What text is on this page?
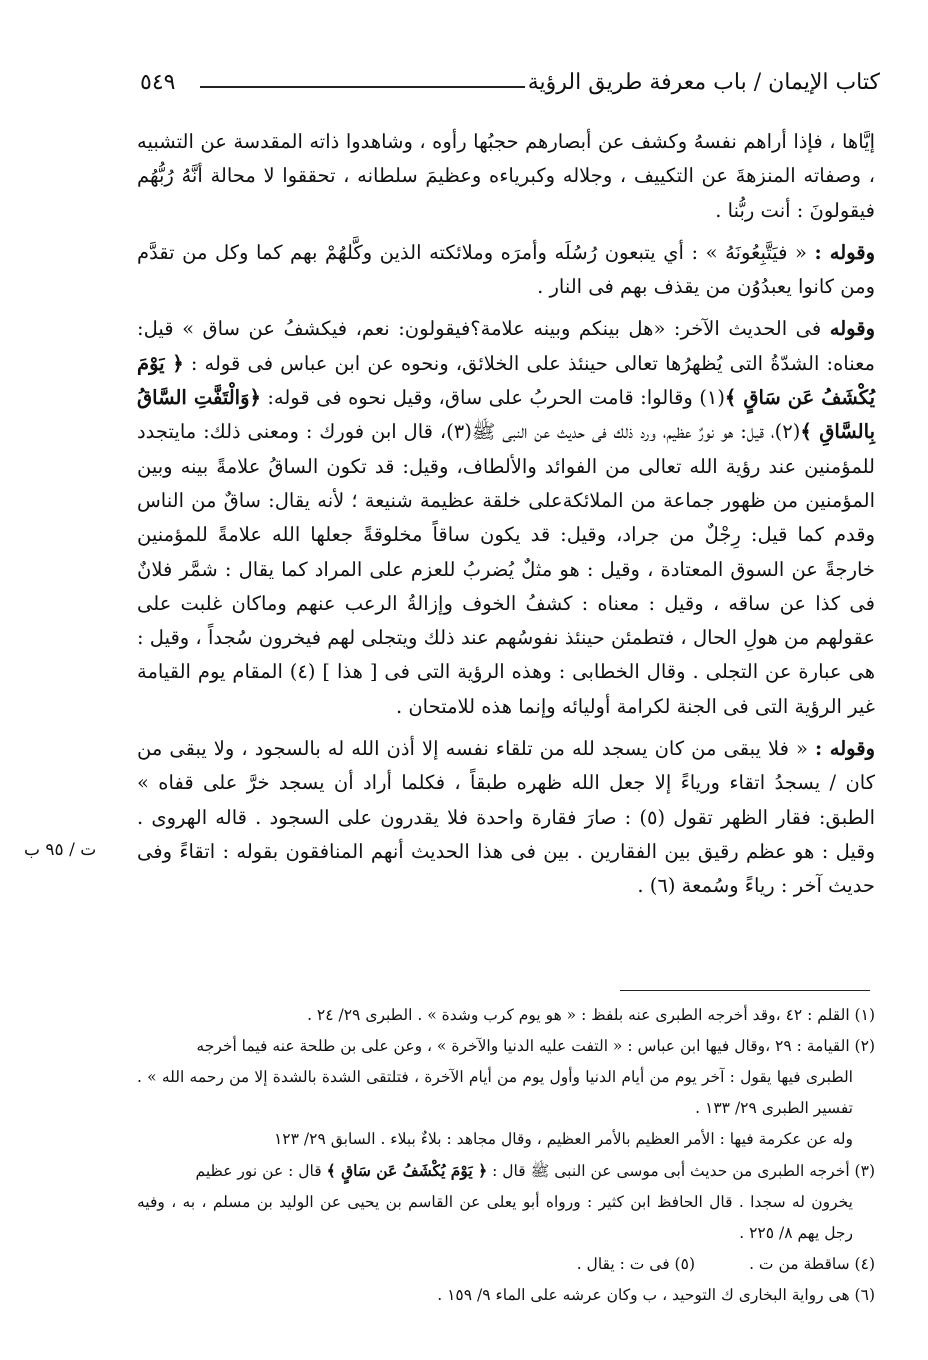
كتاب الإيمان / باب معرفة طريق الرؤية
٥٤٩
ت / ٩٥ ب

إيَّاها ، فإذا أراهم نفسهُ وكشف عن أبصارهم حجبُها رأوه ، وشاهدوا ذاته المقدسة عن التشبيه ، وصفاته المنزهةَ عن التكييف ، وجلاله وكبرياءه وعظيمَ سلطانه ، تحققوا لا محالة أنَّهُ رُبُّهُم فيقولونَ : أنت ربُّنا .

وقوله : « فيَتَّبِعُونَهُ » : أي يتبعون رُسُلَه وأمرَه وملائكته الذين وكَّلهُمْ بهم كما وكل من تقدَّم ومن كانوا يعبدُوُن من يقذف بهم فى النار .

وقوله فى الحديث الآخر: «هل بينكم وبينه علامة؟فيقولون: نعم، فيكشفُ عن ساق » قيل: معناه: الشدّةُ التى يُظهرُها تعالى حينئذ على الخلائق، ونحوه عن ابن عباس فى قوله : ﴿ يَوْمَ يُكْشَفُ عَن سَاقٍ ﴾(١) وقالوا: قامت الحربُ على ساق، وقيل نحوه فى قوله: ﴿وَالْتَفَّتِ السَّاقُ بِالسَّاقِ ﴾(٢)، قيل: هو نورٌ عظيم، ورد ذلك فى حديث عن النبى ﷺ(٣)، قال ابن فورك : ومعنى ذلك: مايتجدد للمؤمنين عند رؤية الله تعالى من الفوائد والألطاف، وقيل: قد تكون الساقُ علامةً بينه وبين المؤمنين من ظهور جماعة من الملائكةعلى خلقة عظيمة شنيعة ؛ لأنه يقال: ساقٌ من الناس وقدم كما قيل: رِجْلٌ من جراد، وقيل: قد يكون ساقاً مخلوقةً جعلها الله علامةً للمؤمنين خارجةً عن السوق المعتادة ، وقيل : هو مثلٌ يُضربُ للعزم على المراد كما يقال : شمَّر فلانٌ فى كذا عن ساقه ، وقيل : معناه : كشفُ الخوف وإزالةُ الرعب عنهم وماكان غلبت على عقولهم من هولِ الحال ، فتطمئن حينئذ نفوسُهم عند ذلك ويتجلى لهم فيخرون سُجداً ، وقيل : هى عبارة عن التجلى . وقال الخطابى : وهذه الرؤية التى فى [ هذا ] (٤) المقام يوم القيامة غير الرؤية التى فى الجنة لكرامة أوليائه وإنما هذه للامتحان .

وقوله : « فلا يبقى من كان يسجد لله من تلقاء نفسه إلا أذن الله له بالسجود ، ولا يبقى من كان / يسجدُ اتقاء ورياءً إلا جعل الله ظهره طبقاً ، فكلما أراد أن يسجد خرَّ على قفاه » الطبق: فقار الظهر تقول (٥) : صارَ فقارة واحدة فلا يقدرون على السجود . قاله الهروى . وقيل : هو عظم رقيق بين الفقارين . بين فى هذا الحديث أنهم المنافقون بقوله : اتقاءً وفى حديث آخر : رياءً وسُمعة (٦) .

(١) القلم : ٤٢ ،وقد أخرجه الطبرى عنه بلفظ : « هو يوم كرب وشدة » . الطبرى ٢٩/ ٢٤ .

(٢) القيامة : ٢٩ ،وقال فيها ابن عباس : « التفت عليه الدنيا والآخرة » ، وعن على بن طلحة عنه فيما أخرجه
الطبرى فيها يقول : آخر يوم من أيام الدنيا وأول يوم من أيام الآخرة ، فتلتقى الشدة بالشدة إلا من رحمه الله » . تفسير الطبرى ٢٩/ ١٣٣ .
وله عن عكرمة فيها : الأمر العظيم بالأمر العظيم ، وقال مجاهد : بلاءٌ ببلاء . السابق ٢٩/ ١٢٣

(٣) أخرجه الطبرى من حديث أبى موسى عن النبى ﷺ قال : ﴿ يَوْمَ يُكْشَفُ عَن سَاقٍ ﴾ قال : عن نور عظيم
يخرون له سجدا . قال الحافظ ابن كثير : ورواه أبو يعلى عن القاسم بن يحيى عن الوليد بن مسلم ، به ، وفيه رجل يهم ٨/ ٢٢٥ .

(٤) ساقطة من ت .
(٥) فى ت : يقال .

(٦) هى رواية البخارى ك التوحيد ، ب وكان عرشه على الماء ٩/ ١٥٩ .
